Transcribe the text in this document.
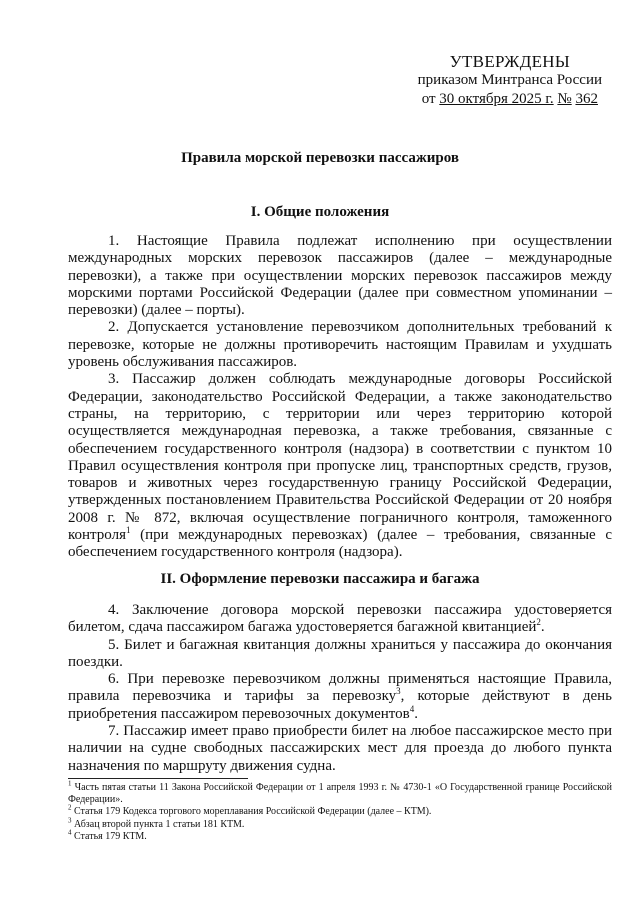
УТВЕРЖДЕНЫ
приказом Минтранса России
от 30 октября 2025 г. № 362
Правила морской перевозки пассажиров
I. Общие положения

1. Настоящие Правила подлежат исполнению при осуществлении международных морских перевозок пассажиров (далее – международные перевозки), а также при осуществлении морских перевозок пассажиров между морскими портами Российской Федерации (далее при совместном упоминании – перевозки) (далее – порты).

2. Допускается установление перевозчиком дополнительных требований к перевозке, которые не должны противоречить настоящим Правилам и ухудшать уровень обслуживания пассажиров.

3. Пассажир должен соблюдать международные договоры Российской Федерации, законодательство Российской Федерации, а также законодательство страны, на территорию, с территории или через территорию которой осуществляется международная перевозка, а также требования, связанные с обеспечением государственного контроля (надзора) в соответствии с пунктом 10 Правил осуществления контроля при пропуске лиц, транспортных средств, грузов, товаров и животных через государственную границу Российской Федерации, утвержденных постановлением Правительства Российской Федерации от 20 ноября 2008 г. № 872, включая осуществление пограничного контроля, таможенного контроля$^1$ (при международных перевозках) (далее – требования, связанные с обеспечением государственного контроля (надзора).

II. Оформление перевозки пассажира и багажа

4. Заключение договора морской перевозки пассажира удостоверяется билетом, сдача пассажиром багажа удостоверяется багажной квитанцией$^2$.

5. Билет и багажная квитанция должны храниться у пассажира до окончания поездки.

6. При перевозке перевозчиком должны применяться настоящие Правила, правила перевозчика и тарифы за перевозку$^3$, которые действуют в день приобретения пассажиром перевозочных документов$^4$.

7. Пассажир имеет право приобрести билет на любое пассажирское место при наличии на судне свободных пассажирских мест для проезда до любого пункта назначения по маршруту движения судна.

$^1$ Часть пятая статьи 11 Закона Российской Федерации от 1 апреля 1993 г. № 4730-1 «О Государственной границе Российской Федерации».

$^2$ Статья 179 Кодекса торгового мореплавания Российской Федерации (далее – КТМ).

$^3$ Абзац второй пункта 1 статьи 181 КТМ.

$^4$ Статья 179 КТМ.
